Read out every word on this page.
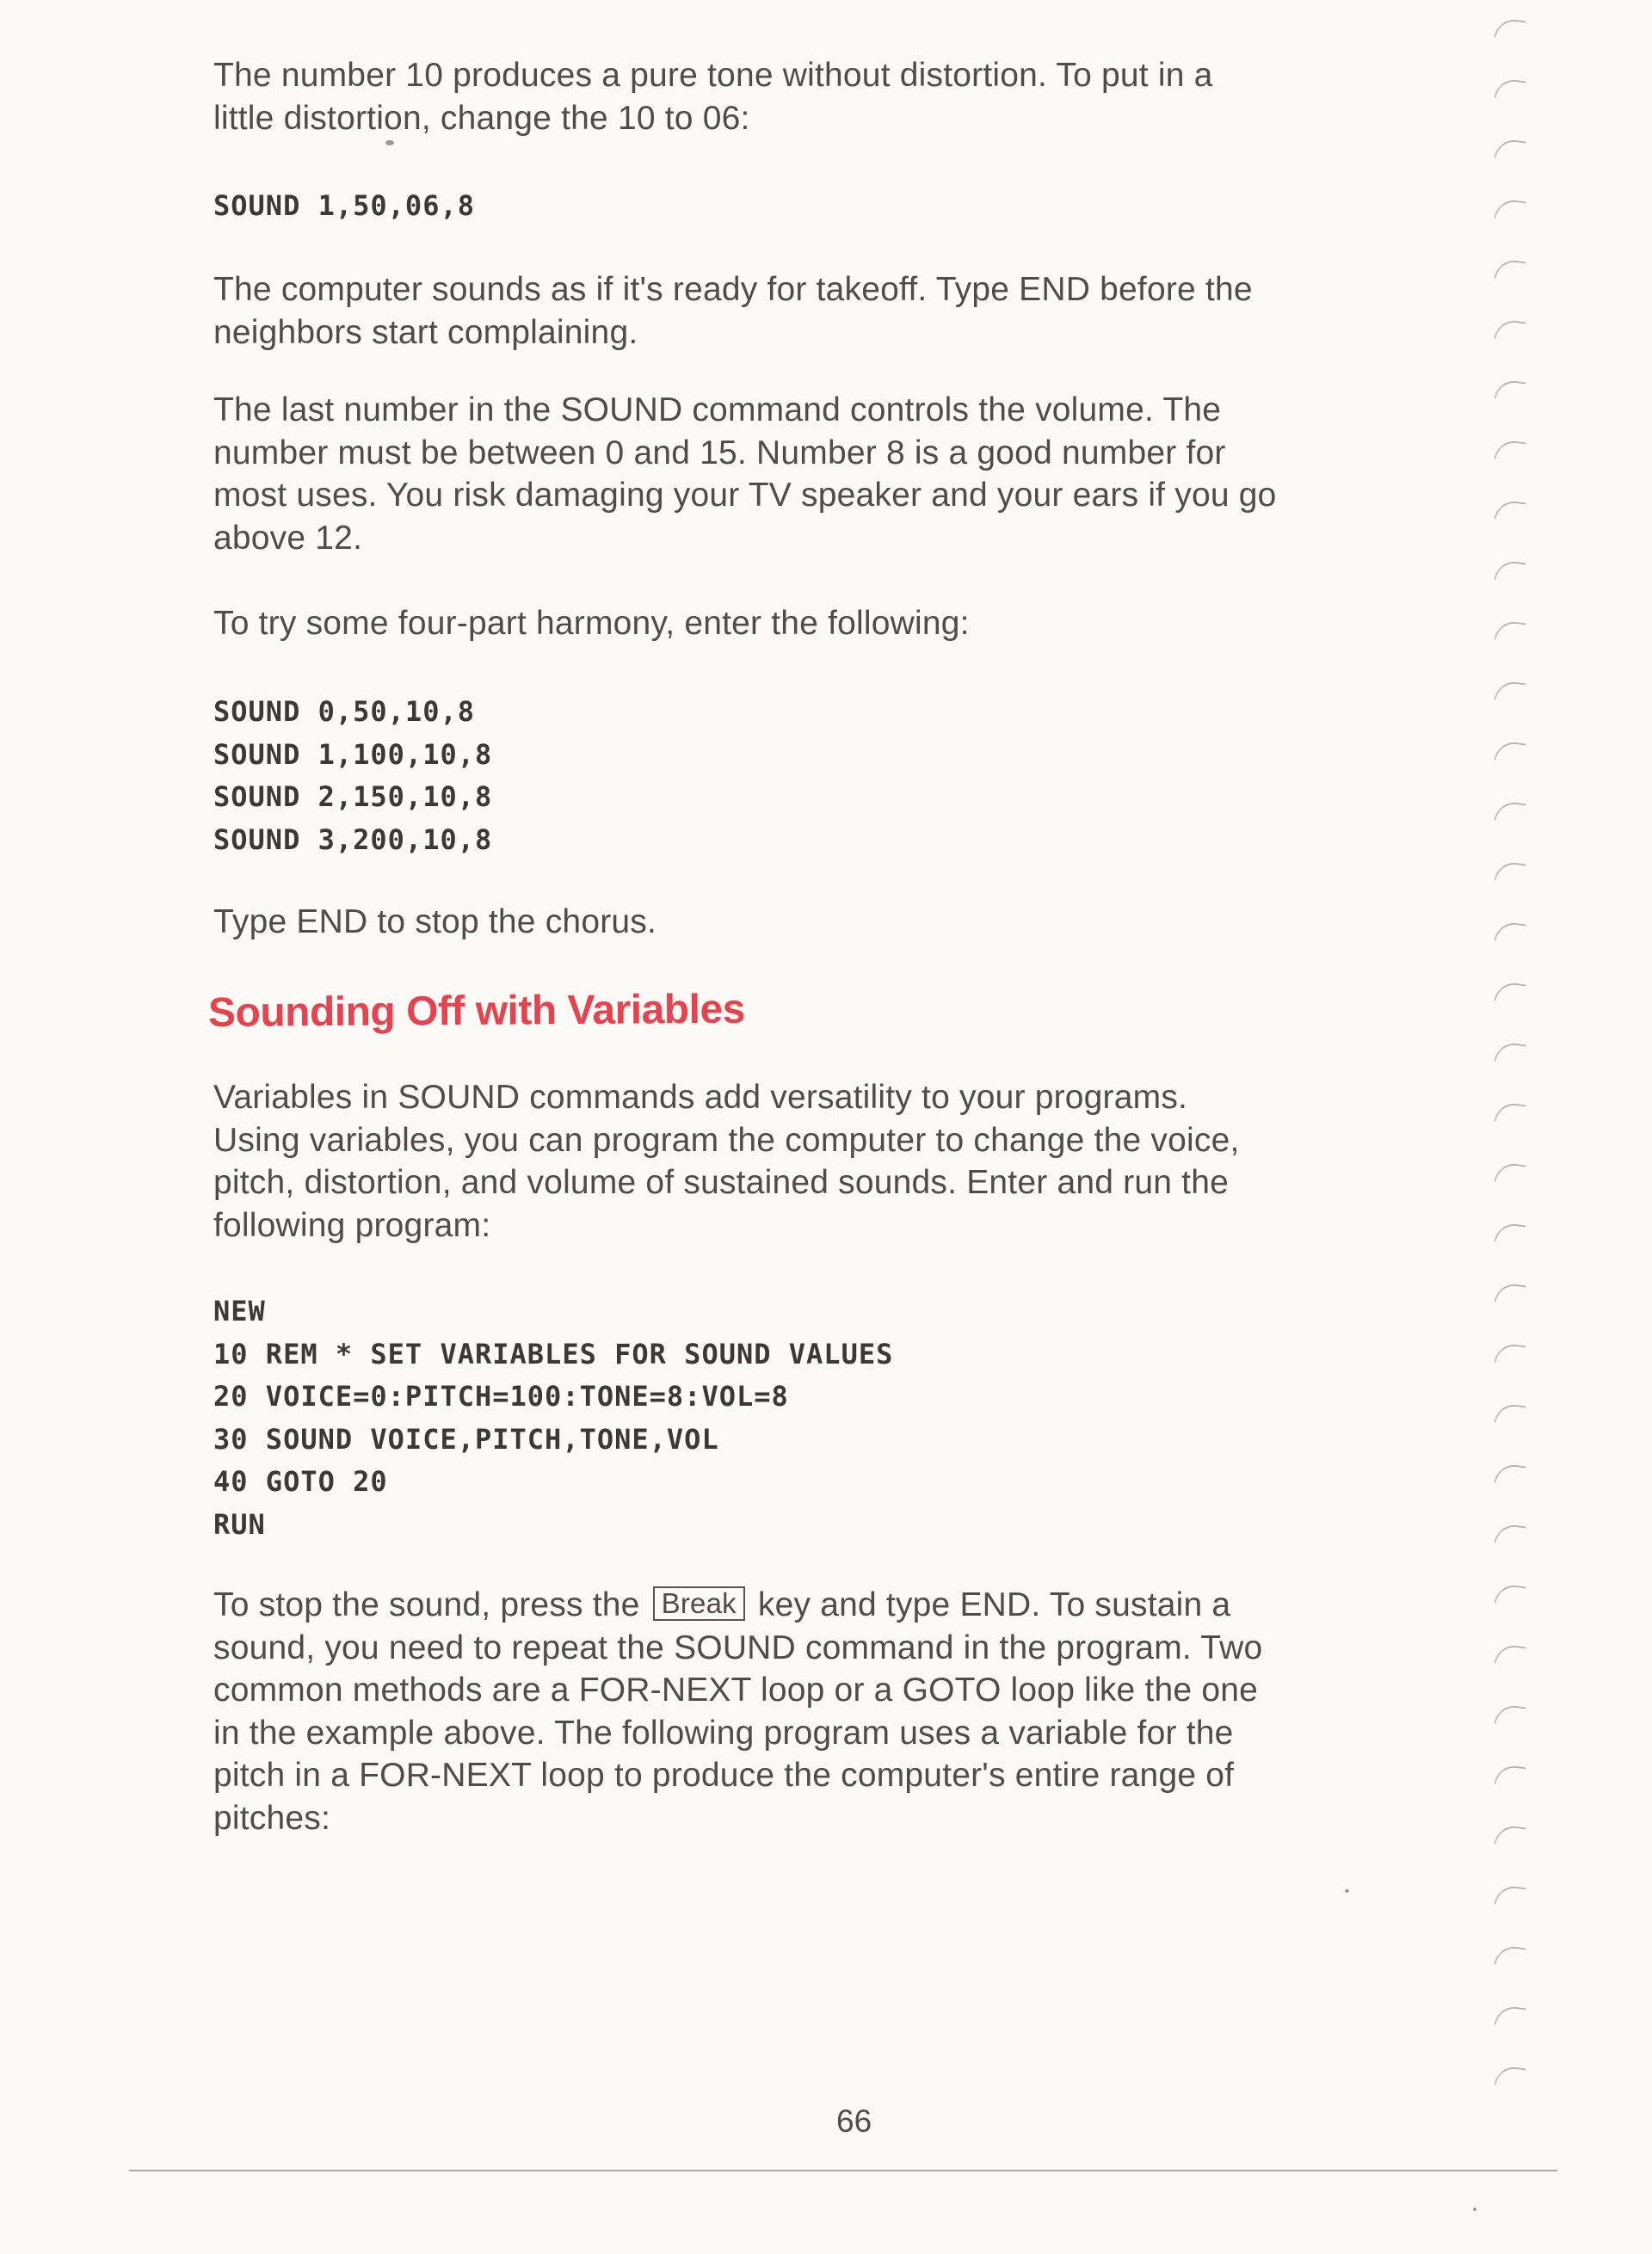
The number 10 produces a pure tone without distortion. To put in a
little distortion, change the 10 to 06:

SOUND 1,50,06,8

The computer sounds as if it's ready for takeoff. Type END before the
neighbors start complaining.

The last number in the SOUND command controls the volume. The
number must be between 0 and 15. Number 8 is a good number for
most uses. You risk damaging your TV speaker and your ears if you go
above 12.

To try some four-part harmony, enter the following:

SOUND 0,50,10,8
SOUND 1,100,10,8
SOUND 2,150,10,8
SOUND 3,200,10,8

Type END to stop the chorus.

Sounding Off with Variables

Variables in SOUND commands add versatility to your programs.
Using variables, you can program the computer to change the voice,
pitch, distortion, and volume of sustained sounds. Enter and run the
following program:

NEW
10 REM * SET VARIABLES FOR SOUND VALUES
20 VOICE=0:PITCH=100:TONE=8:VOL=8
30 SOUND VOICE,PITCH,TONE,VOL
40 GOTO 20
RUN

To stop the sound, press the Break key and type END. To sustain a
sound, you need to repeat the SOUND command in the program. Two
common methods are a FOR-NEXT loop or a GOTO loop like the one
in the example above. The following program uses a variable for the
pitch in a FOR-NEXT loop to produce the computer's entire range of
pitches:

66
